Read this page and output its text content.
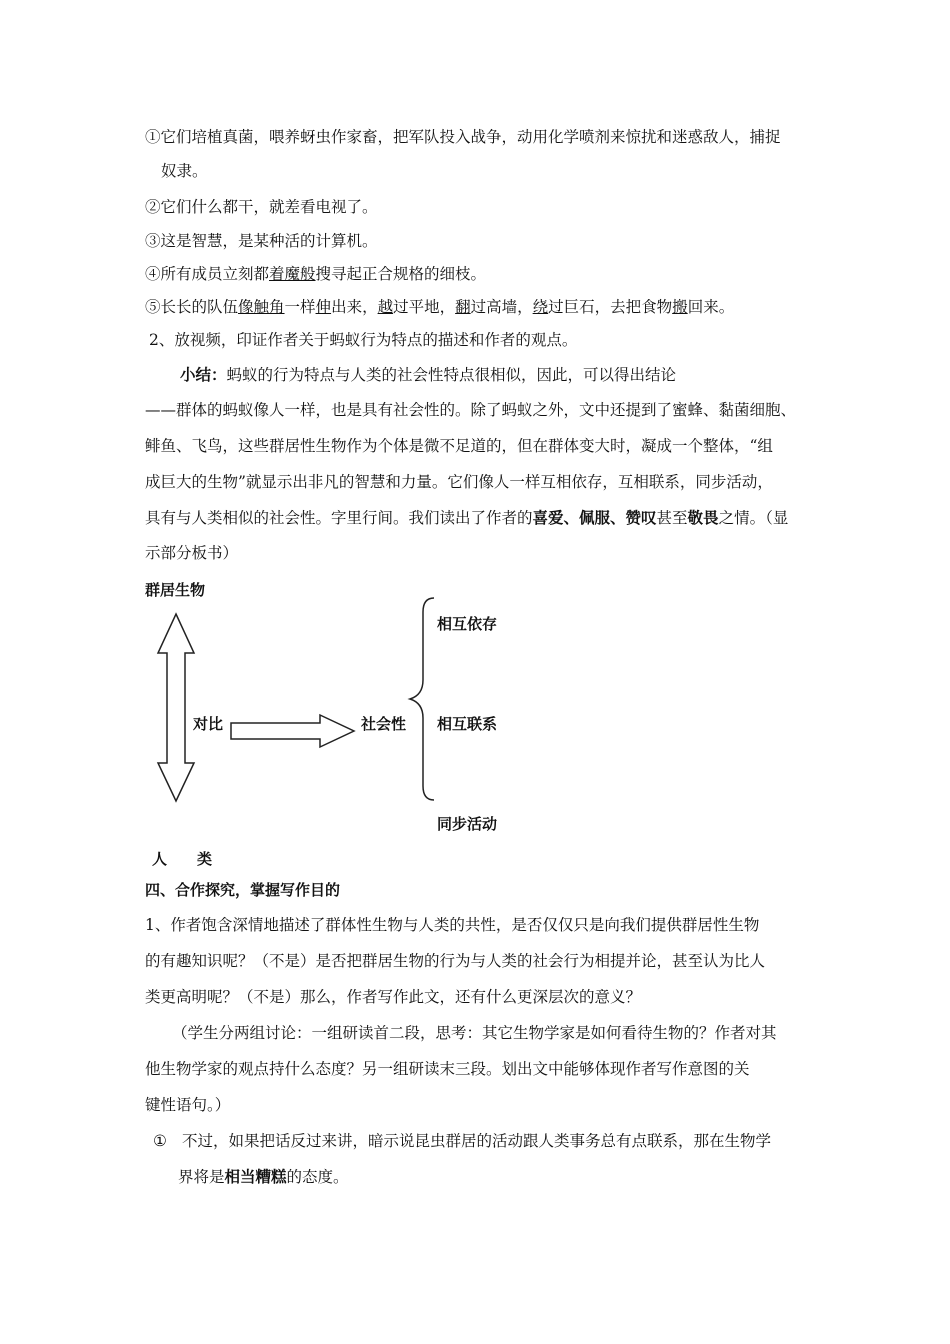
①它们培植真菌，喂养蚜虫作家畜，把军队投入战争，动用化学喷剂来惊扰和迷惑敌人，捕捉
奴隶。
②它们什么都干，就差看电视了。
③这是智慧，是某种活的计算机。
④所有成员立刻都着魔般搜寻起正合规格的细枝。
⑤长长的队伍像触角一样伸出来，越过平地，翻过高墙，绕过巨石，去把食物搬回来。
2、放视频，印证作者关于蚂蚁行为特点的描述和作者的观点。
小结：蚂蚁的行为特点与人类的社会性特点很相似，因此，可以得出结论
——群体的蚂蚁像人一样，也是具有社会性的。除了蚂蚁之外，文中还提到了蜜蜂、黏菌细胞、
鲱鱼、飞鸟，这些群居性生物作为个体是微不足道的，但在群体变大时，凝成一个整体，“组
成巨大的生物”就显示出非凡的智慧和力量。它们像人一样互相依存，互相联系，同步活动，
具有与人类相似的社会性。字里行间。我们读出了作者的喜爱、佩服、赞叹甚至敬畏之情。（显
示部分板书）
群居生物
对比	社会性
相互依存
相互联系
同步活动
人　　类
四、合作探究，掌握写作目的
1、作者饱含深情地描述了群体性生物与人类的共性，是否仅仅只是向我们提供群居性生物
的有趣知识呢？（不是）是否把群居生物的行为与人类的社会行为相提并论，甚至认为比人
类更高明呢？（不是）那么，作者写作此文，还有什么更深层次的意义？
（学生分两组讨论：一组研读首二段，思考：其它生物学家是如何看待生物的？作者对其
他生物学家的观点持什么态度？另一组研读末三段。划出文中能够体现作者写作意图的关
键性语句。）
① 不过，如果把话反过来讲，暗示说昆虫群居的活动跟人类事务总有点联系，那在生物学
界将是相当糟糕的态度。
